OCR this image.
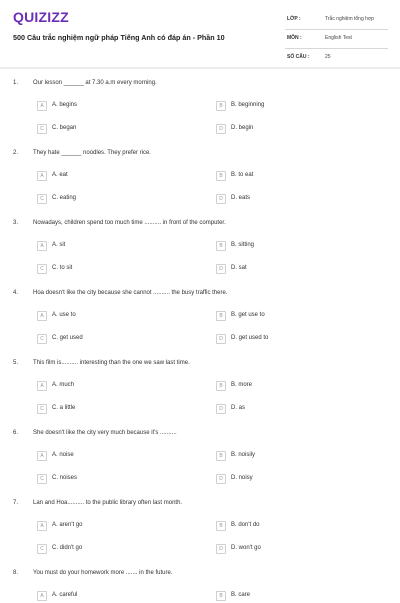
QUIZIZZ
500 Câu trắc nghiệm ngữ pháp Tiếng Anh có đáp án - Phần 10
LỚP :	Trắc nghiệm tổng hợp
MÔN :	English Test
SỐ CÂU :	25
1. Our lesson ______ at 7.30 a.m every morning.
A	A. begins	B	B. beginning
C	C. began	D	D. begin
2. They hate ______ noodles. They prefer rice.
A	A. eat	B	B. to eat
C	C. eating	D	D. eats
3. Nowadays, children spend too much time .......... in front of the computer.
A	A. sit	B	B. sitting
C	C. to sit	D	D. sat
4. Hoa doesn't like the city because she cannot .......... the busy traffic there.
A	A. use to	B	B. get use to
C	C. get used	D	D. get used to
5. This film is.......... interesting than the one we saw last time.
A	A. much	B	B. more
C	C. a little	D	D. as
6. She doesn't like the city very much because it's ..........
A	A. noise	B	B. noisily
C	C. noises	D	D. noisy
7. Lan and Hoa.......... to the public library often last month.
A	A. aren't go	B	B. don't do
C	C. didn't go	D	D. won't go
8. You must do your homework more ....... in the future.
A	A. careful	B	B. care
